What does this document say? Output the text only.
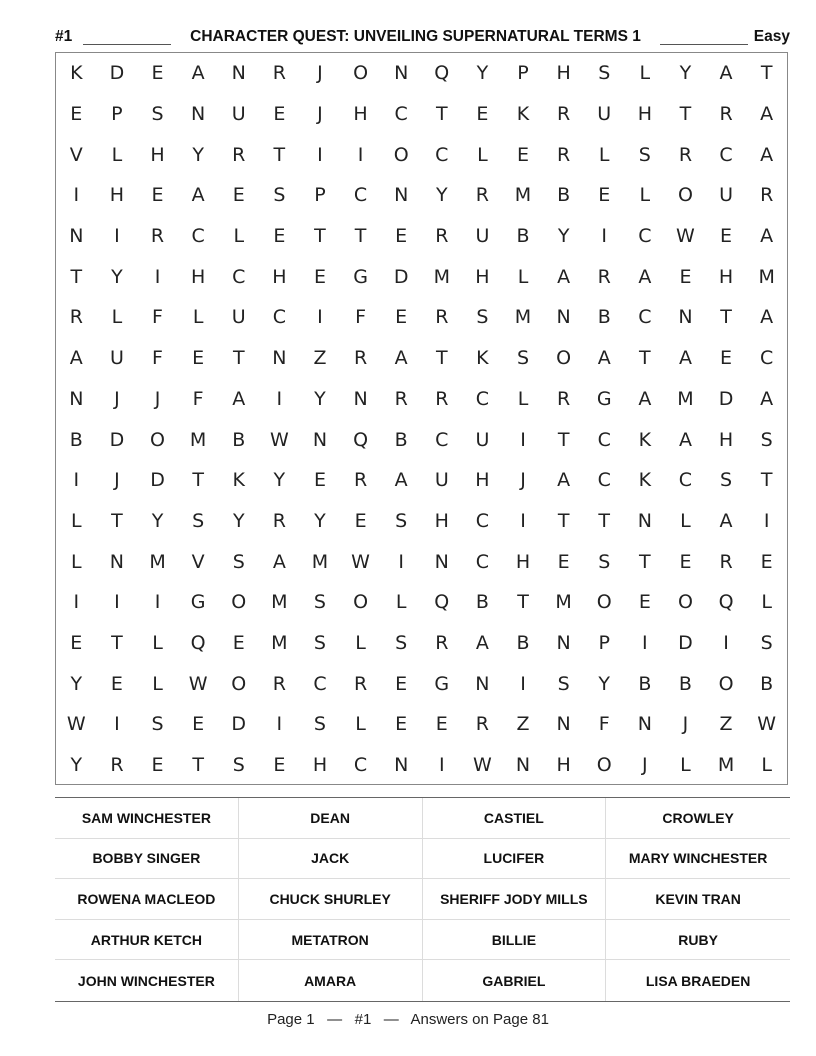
#1	CHARACTER QUEST: UNVEILING SUPERNATURAL TERMS 1	Easy
K	D	E	A	N	R	J	O	N	Q	Y	P	H	S	L	Y	A	T
E	P	S	N	U	E	J	H	C	T	E	K	R	U	H	T	R	A
V	L	H	Y	R	T	I	I	O	C	L	E	R	L	S	R	C	A
I	H	E	A	E	S	P	C	N	Y	R	M	B	E	L	O	U	R
N	I	R	C	L	E	T	T	E	R	U	B	Y	I	C	W	E	A
T	Y	I	H	C	H	E	G	D	M	H	L	A	R	A	E	H	M
R	L	F	L	U	C	I	F	E	R	S	M	N	B	C	N	T	A
A	U	F	E	T	N	Z	R	A	T	K	S	O	A	T	A	E	C
N	J	J	F	A	I	Y	N	R	R	C	L	R	G	A	M	D	A
B	D	O	M	B	W	N	Q	B	C	U	I	T	C	K	A	H	S
I	J	D	T	K	Y	E	R	A	U	H	J	A	C	K	C	S	T
L	T	Y	S	Y	R	Y	E	S	H	C	I	T	T	N	L	A	I
L	N	M	V	S	A	M	W	I	N	C	H	E	S	T	E	R	E
I	I	I	G	O	M	S	O	L	Q	B	T	M	O	E	O	Q	L
E	T	L	Q	E	M	S	L	S	R	A	B	N	P	I	D	I	S
Y	E	L	W	O	R	C	R	E	G	N	I	S	Y	B	B	O	B
W	I	S	E	D	I	S	L	E	E	R	Z	N	F	N	J	Z	W
Y	R	E	T	S	E	H	C	N	I	W	N	H	O	J	L	M	L
SAM WINCHESTER	DEAN	CASTIEL	CROWLEY
BOBBY SINGER	JACK	LUCIFER	MARY WINCHESTER
ROWENA MACLEOD	CHUCK SHURLEY	SHERIFF JODY MILLS	KEVIN TRAN
ARTHUR KETCH	METATRON	BILLIE	RUBY
JOHN WINCHESTER	AMARA	GABRIEL	LISA BRAEDEN
Page 1   —   #1   —   Answers on Page 81
